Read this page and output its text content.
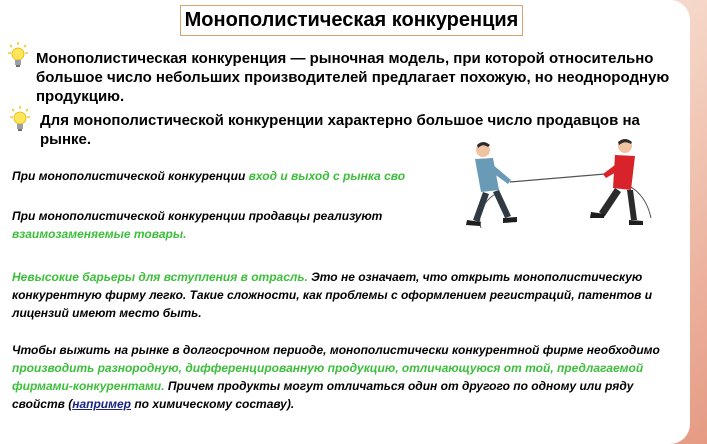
Монополистическая конкуренция
Монополистическая конкуренция — рыночная модель, при которой относительно большое число небольших производителей предлагает похожую, но неоднородную продукцию.
Для монополистической конкуренции характерно большое число продавцов на рынке.
При монополистической конкуренции вход и выход с рынка сво
При монополистической конкуренции продавцы реализуют
взаимозаменяемые товары.
Невысокие барьеры для вступления в отрасль. Это не означает, что открыть монополистическую конкурентную фирму легко. Такие сложности, как проблемы с оформлением регистраций, патентов и лицензий имеют место быть.
Чтобы выжить на рынке в долгосрочном периоде, монополистически конкурентной фирме необходимо производить разнородную, дифференцированную продукцию, отличающуюся от той, предлагаемой фирмами-конкурентами. Причем продукты могут отличаться один от другого по одному или ряду свойств (например по химическому составу).
